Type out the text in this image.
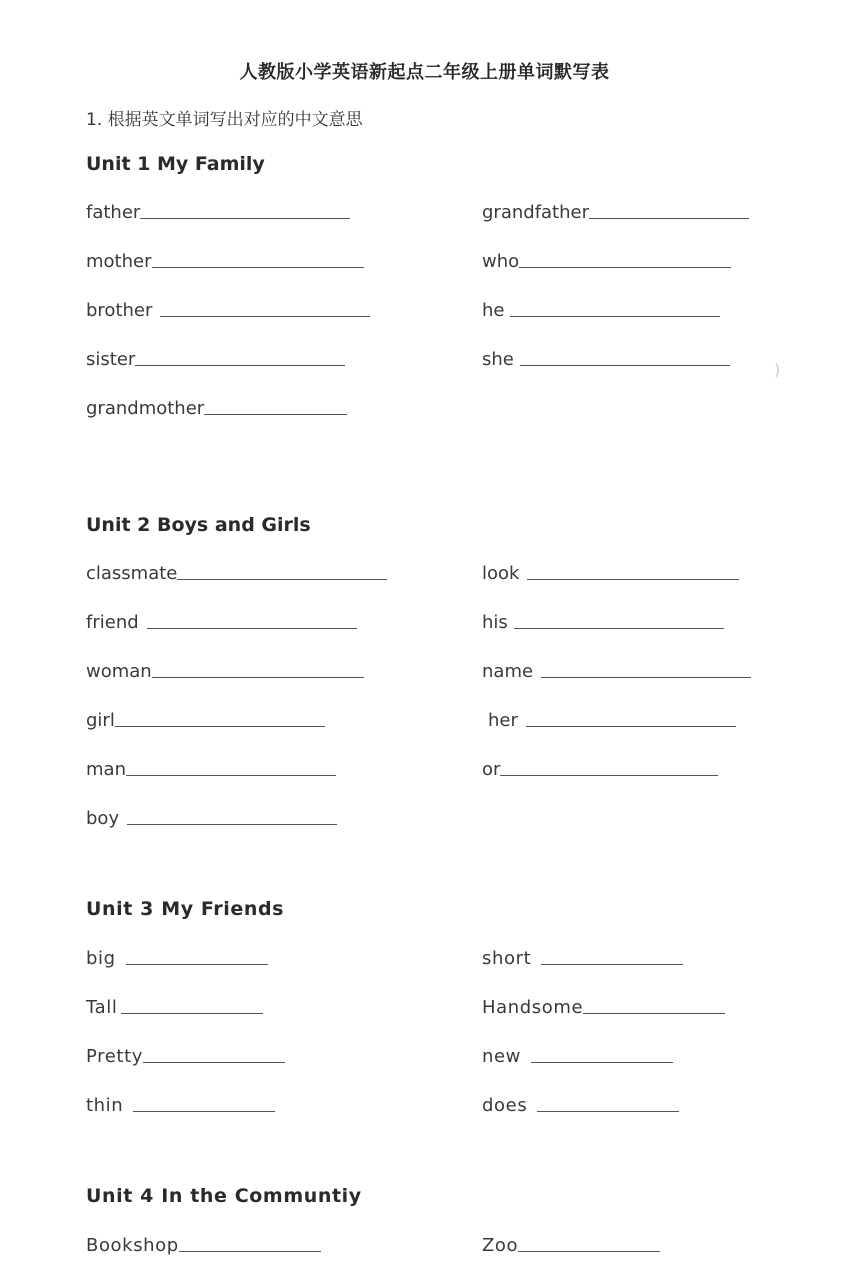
人教版小学英语新起点二年级上册单词默写表
1. 根据英文单词写出对应的中文意思
Unit 1 My Family
father	grandfather
mother	who
brother	he
sister	she
grandmother
)
Unit 2 Boys and Girls
classmate	look
friend	his
woman	name
girl	her
man	or
boy
Unit 3 My Friends
big	short
Tall	Handsome
Pretty	new
thin	does
Unit 4 In the Communtiy
Bookshop	Zoo
